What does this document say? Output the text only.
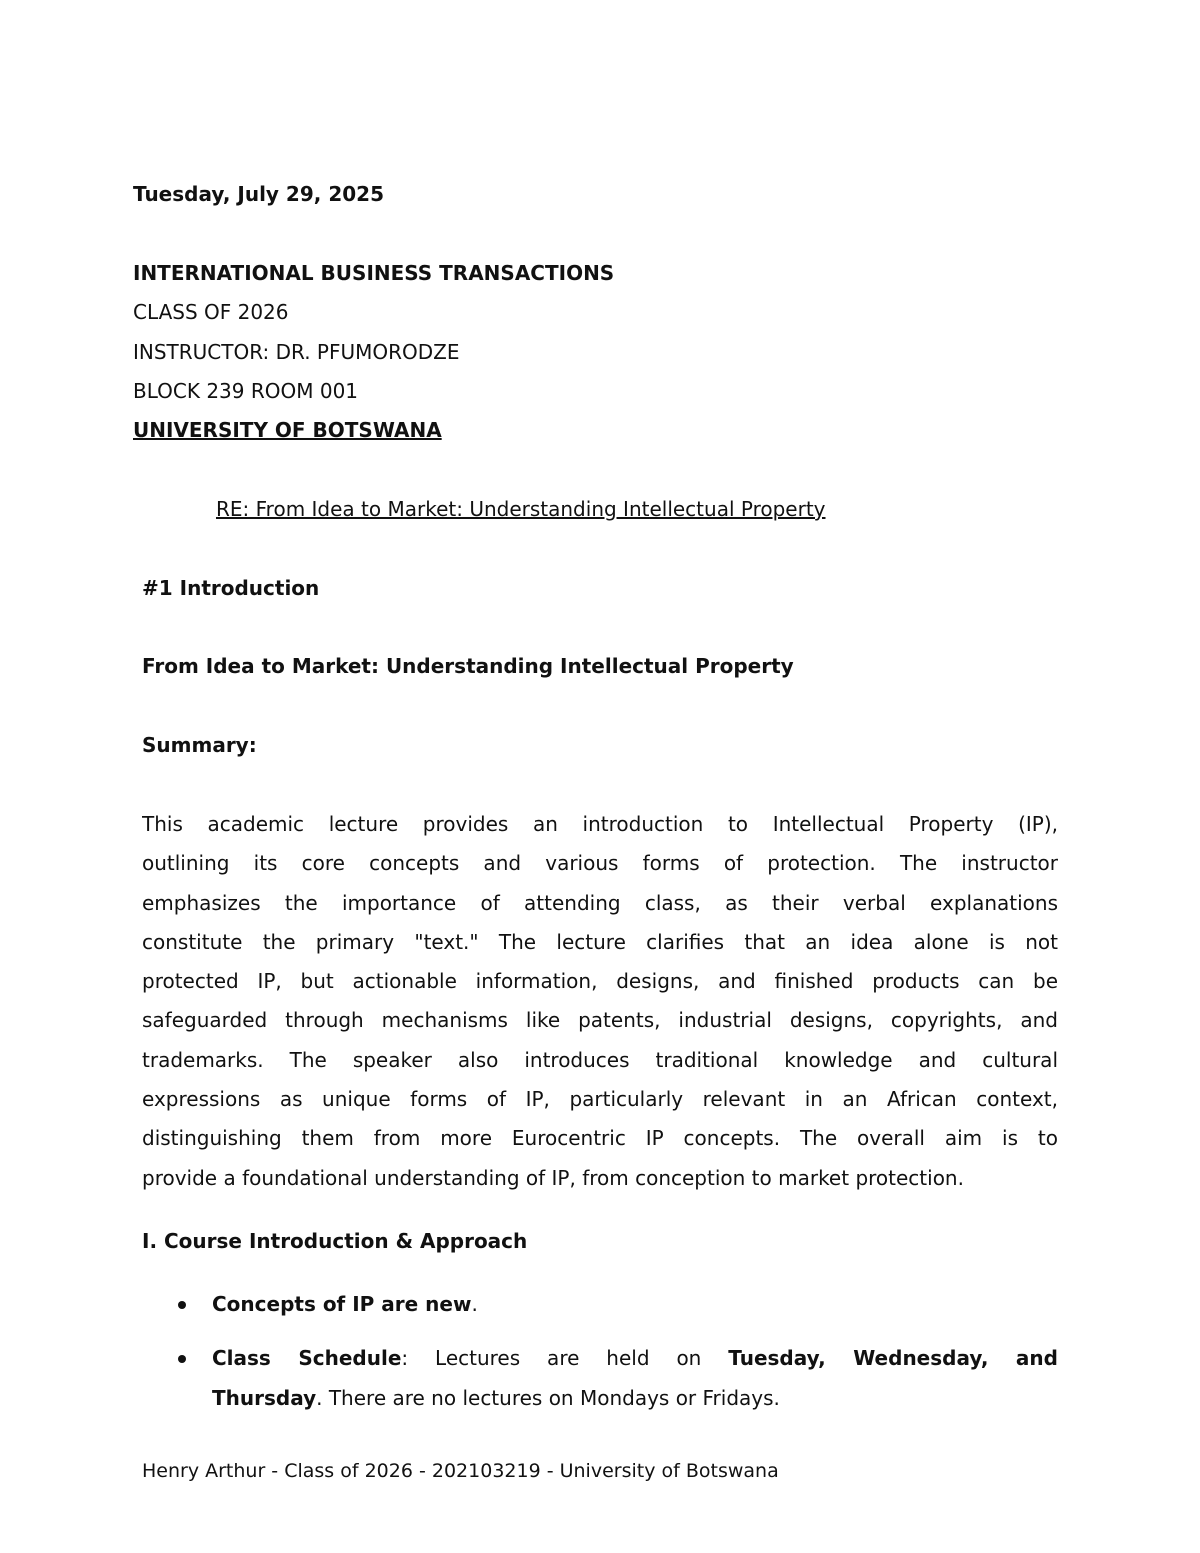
Tuesday, July 29, 2025
INTERNATIONAL BUSINESS TRANSACTIONS
CLASS OF 2026
INSTRUCTOR: DR. PFUMORODZE
BLOCK 239 ROOM 001
UNIVERSITY OF BOTSWANA
RE: From Idea to Market: Understanding Intellectual Property
#1 Introduction
From Idea to Market: Understanding Intellectual Property
Summary:
This academic lecture provides an introduction to Intellectual Property (IP),
outlining its core concepts and various forms of protection. The instructor
emphasizes the importance of attending class, as their verbal explanations
constitute the primary "text." The lecture clarifies that an idea alone is not
protected IP, but actionable information, designs, and finished products can be
safeguarded through mechanisms like patents, industrial designs, copyrights, and
trademarks. The speaker also introduces traditional knowledge and cultural
expressions as unique forms of IP, particularly relevant in an African context,
distinguishing them from more Eurocentric IP concepts. The overall aim is to
provide a foundational understanding of IP, from conception to market protection.
I. Course Introduction & Approach
Concepts of IP are new.
Class Schedule: Lectures are held on Tuesday, Wednesday, and
Thursday. There are no lectures on Mondays or Fridays.
Henry Arthur - Class of 2026 - 202103219 - University of Botswana
